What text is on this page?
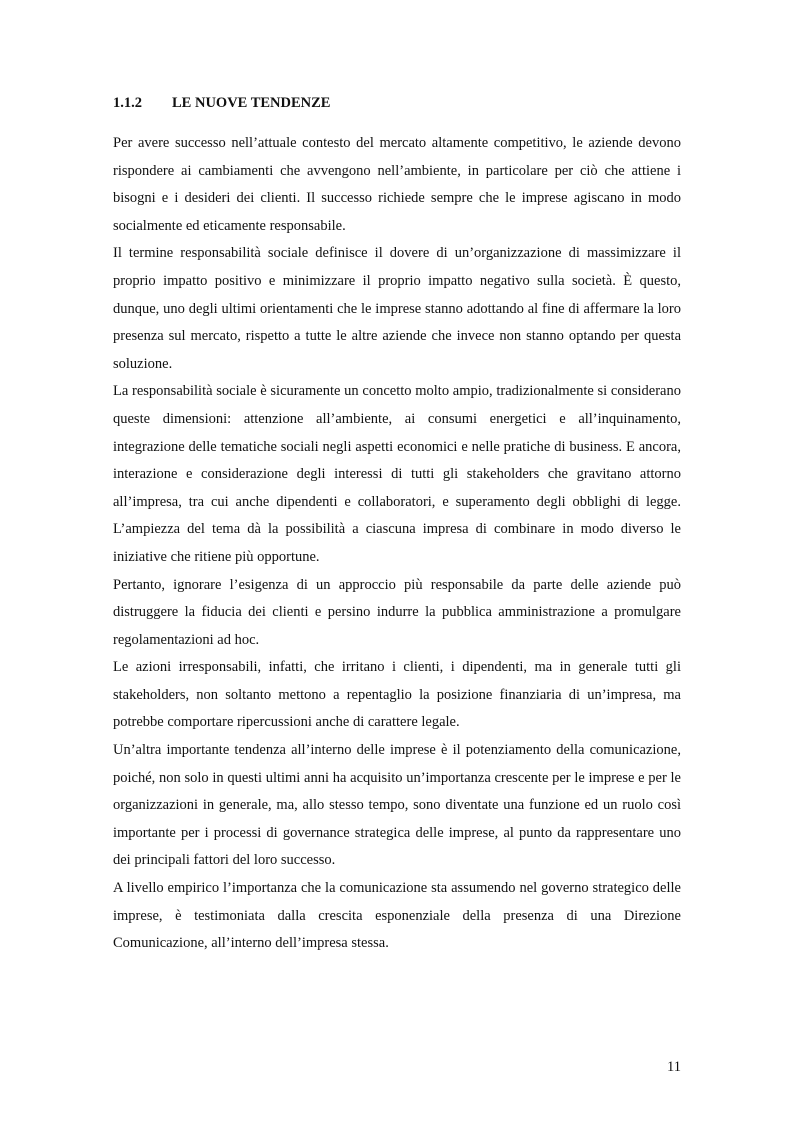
1.1.2 LE NUOVE TENDENZE

Per avere successo nell’attuale contesto del mercato altamente competitivo, le aziende devono rispondere ai cambiamenti che avvengono nell’ambiente, in particolare per ciò che attiene i bisogni e i desideri dei clienti. Il successo richiede sempre che le imprese agiscano in modo socialmente ed eticamente responsabile.

Il termine responsabilità sociale definisce il dovere di un’organizzazione di massimizzare il proprio impatto positivo e minimizzare il proprio impatto negativo sulla società. È questo, dunque, uno degli ultimi orientamenti che le imprese stanno adottando al fine di affermare la loro presenza sul mercato, rispetto a tutte le altre aziende che invece non stanno optando per questa soluzione.

La responsabilità sociale è sicuramente un concetto molto ampio, tradizionalmente si considerano queste dimensioni: attenzione all’ambiente, ai consumi energetici e all’inquinamento, integrazione delle tematiche sociali negli aspetti economici e nelle pratiche di business. E ancora, interazione e considerazione degli interessi di tutti gli stakeholders che gravitano attorno all’impresa, tra cui anche dipendenti e collaboratori, e superamento degli obblighi di legge. L’ampiezza del tema dà la possibilità a ciascuna impresa di combinare in modo diverso le iniziative che ritiene più opportune.

Pertanto, ignorare l’esigenza di un approccio più responsabile da parte delle aziende può distruggere la fiducia dei clienti e persino indurre la pubblica amministrazione a promulgare regolamentazioni ad hoc.

Le azioni irresponsabili, infatti, che irritano i clienti, i dipendenti, ma in generale tutti gli stakeholders, non soltanto mettono a repentaglio la posizione finanziaria di un’impresa, ma potrebbe comportare ripercussioni anche di carattere legale.

Un’altra importante tendenza all’interno delle imprese è il potenziamento della comunicazione, poiché, non solo in questi ultimi anni ha acquisito un’importanza crescente per le imprese e per le organizzazioni in generale, ma, allo stesso tempo, sono diventate una funzione ed un ruolo così importante per i processi di governance strategica delle imprese, al punto da rappresentare uno dei principali fattori del loro successo.

A livello empirico l’importanza che la comunicazione sta assumendo nel governo strategico delle imprese, è testimoniata dalla crescita esponenziale della presenza di una Direzione Comunicazione, all’interno dell’impresa stessa.

11
